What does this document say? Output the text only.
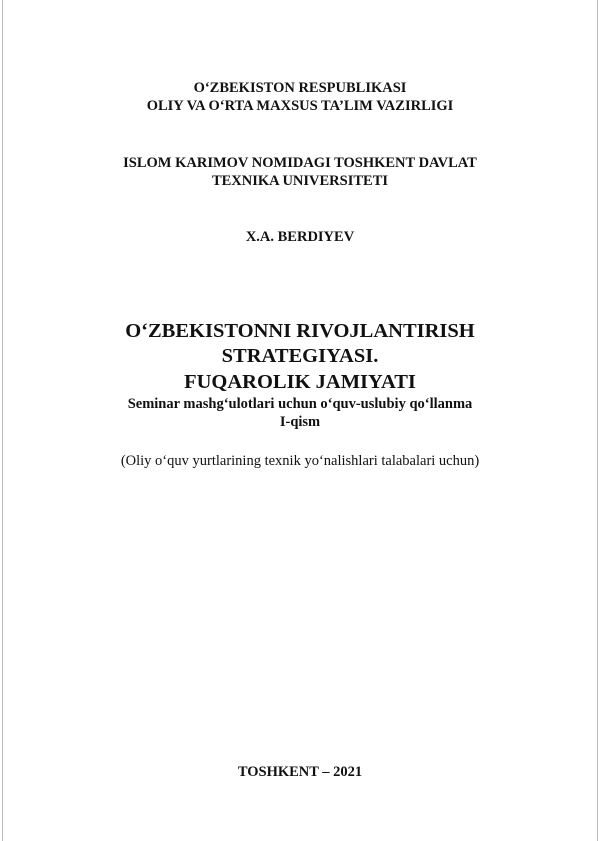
O‘ZBEKISTON RESPUBLIKASI
OLIY VA O‘RTA MAXSUS TA’LIM VAZIRLIGI
ISLOM KARIMOV NOMIDAGI TOSHKENT DAVLAT
TEXNIKA UNIVERSITETI
X.A. BERDIYEV
O‘ZBEKISTONNI RIVOJLANTIRISH
STRATEGIYASI.
FUQAROLIK JAMIYATI
Seminar mashg‘ulotlari uchun o‘quv-uslubiy qo‘llanma
I-qism
(Oliy o‘quv yurtlarining texnik yo‘nalishlari talabalari uchun)
TOSHKENT – 2021
